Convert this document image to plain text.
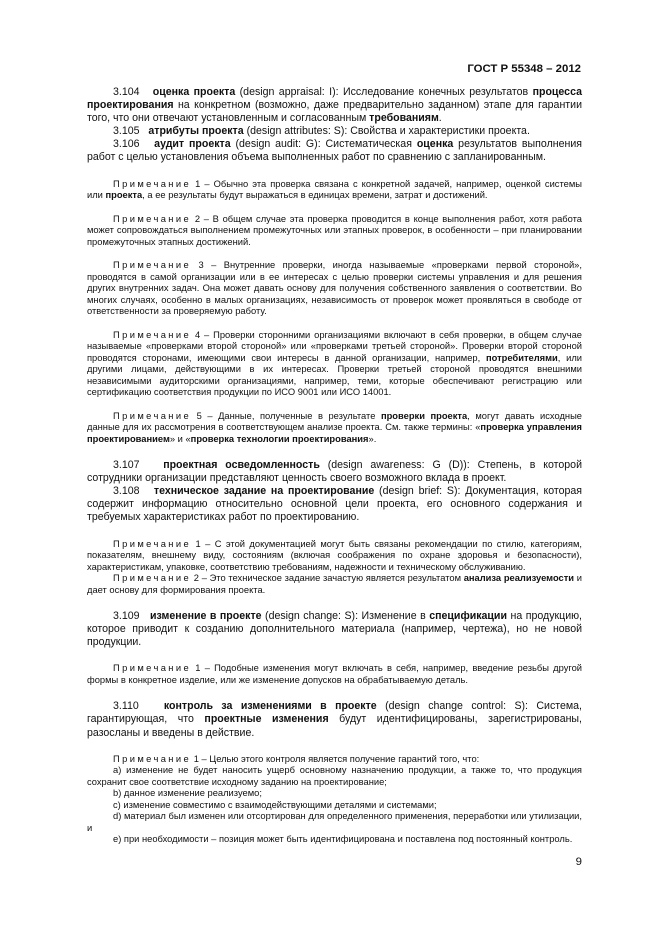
ГОСТ Р 55348 – 2012

3.104 оценка проекта (design appraisal: I): Исследование конечных результатов процесса проектирования на конкретном (возможно, даже предварительно заданном) этапе для гарантии того, что они отвечают установленным и согласованным требованиям.

3.105 атрибуты проекта (design attributes: S): Свойства и характеристики проекта.

3.106 аудит проекта (design audit: G): Систематическая оценка результатов выполнения работ с целью установления объема выполненных работ по сравнению с запланированным.

Примечание 1 – Обычно эта проверка связана с конкретной задачей, например, оценкой системы или проекта, а ее результаты будут выражаться в единицах времени, затрат и достижений.

Примечание 2 – В общем случае эта проверка проводится в конце выполнения работ, хотя работа может сопровождаться выполнением промежуточных или этапных проверок, в особенности – при планировании промежуточных этапных достижений.

Примечание 3 – Внутренние проверки, иногда называемые «проверками первой стороной», проводятся в самой организации или в ее интересах с целью проверки системы управления и для решения других внутренних задач. Она может давать основу для получения собственного заявления о соответствии. Во многих случаях, особенно в малых организациях, независимость от проверок может проявляться в свободе от ответственности за проверяемую работу.

Примечание 4 – Проверки сторонними организациями включают в себя проверки, в общем случае называемые «проверками второй стороной» или «проверками третьей стороной». Проверки второй стороной проводятся сторонами, имеющими свои интересы в данной организации, например, потребителями, или другими лицами, действующими в их интересах. Проверки третьей стороной проводятся внешними независимыми аудиторскими организациями, например, теми, которые обеспечивают регистрацию или сертификацию соответствия продукции по ИСО 9001 или ИСО 14001.

Примечание 5 – Данные, полученные в результате проверки проекта, могут давать исходные данные для их рассмотрения в соответствующем анализе проекта. См. также термины: «проверка управления проектированием» и «проверка технологии проектирования».

3.107 проектная осведомленность (design awareness: G (D)): Степень, в которой сотрудники организации представляют ценность своего возможного вклада в проект.

3.108 техническое задание на проектирование (design brief: S): Документация, которая содержит информацию относительно основной цели проекта, его основного содержания и требуемых характеристиках работ по проектированию.

Примечание 1 – С этой документацией могут быть связаны рекомендации по стилю, категориям, показателям, внешнему виду, состояниям (включая соображения по охране здоровья и безопасности), характеристикам, упаковке, соответствию требованиям, надежности и техническому обслуживанию.

Примечание 2 – Это техническое задание зачастую является результатом анализа реализуемости и дает основу для формирования проекта.

3.109 изменение в проекте (design change: S): Изменение в спецификации на продукцию, которое приводит к созданию дополнительного материала (например, чертежа), но не новой продукции.

Примечание 1 – Подобные изменения могут включать в себя, например, введение резьбы другой формы в конкретное изделие, или же изменение допусков на обрабатываемую деталь.

3.110 контроль за изменениями в проекте (design change control: S): Система, гарантирующая, что проектные изменения будут идентифицированы, зарегистрированы, разосланы и введены в действие.

Примечание 1 – Целью этого контроля является получение гарантий того, что:

а) изменение не будет наносить ущерб основному назначению продукции, а также то, что продукция сохранит свое соответствие исходному заданию на проектирование;

b) данное изменение реализуемо;

c) изменение совместимо с взаимодействующими деталями и системами;

d) материал был изменен или отсортирован для определенного применения, переработки или утилизации, и

е) при необходимости – позиция может быть идентифицирована и поставлена под постоянный контроль.

9
